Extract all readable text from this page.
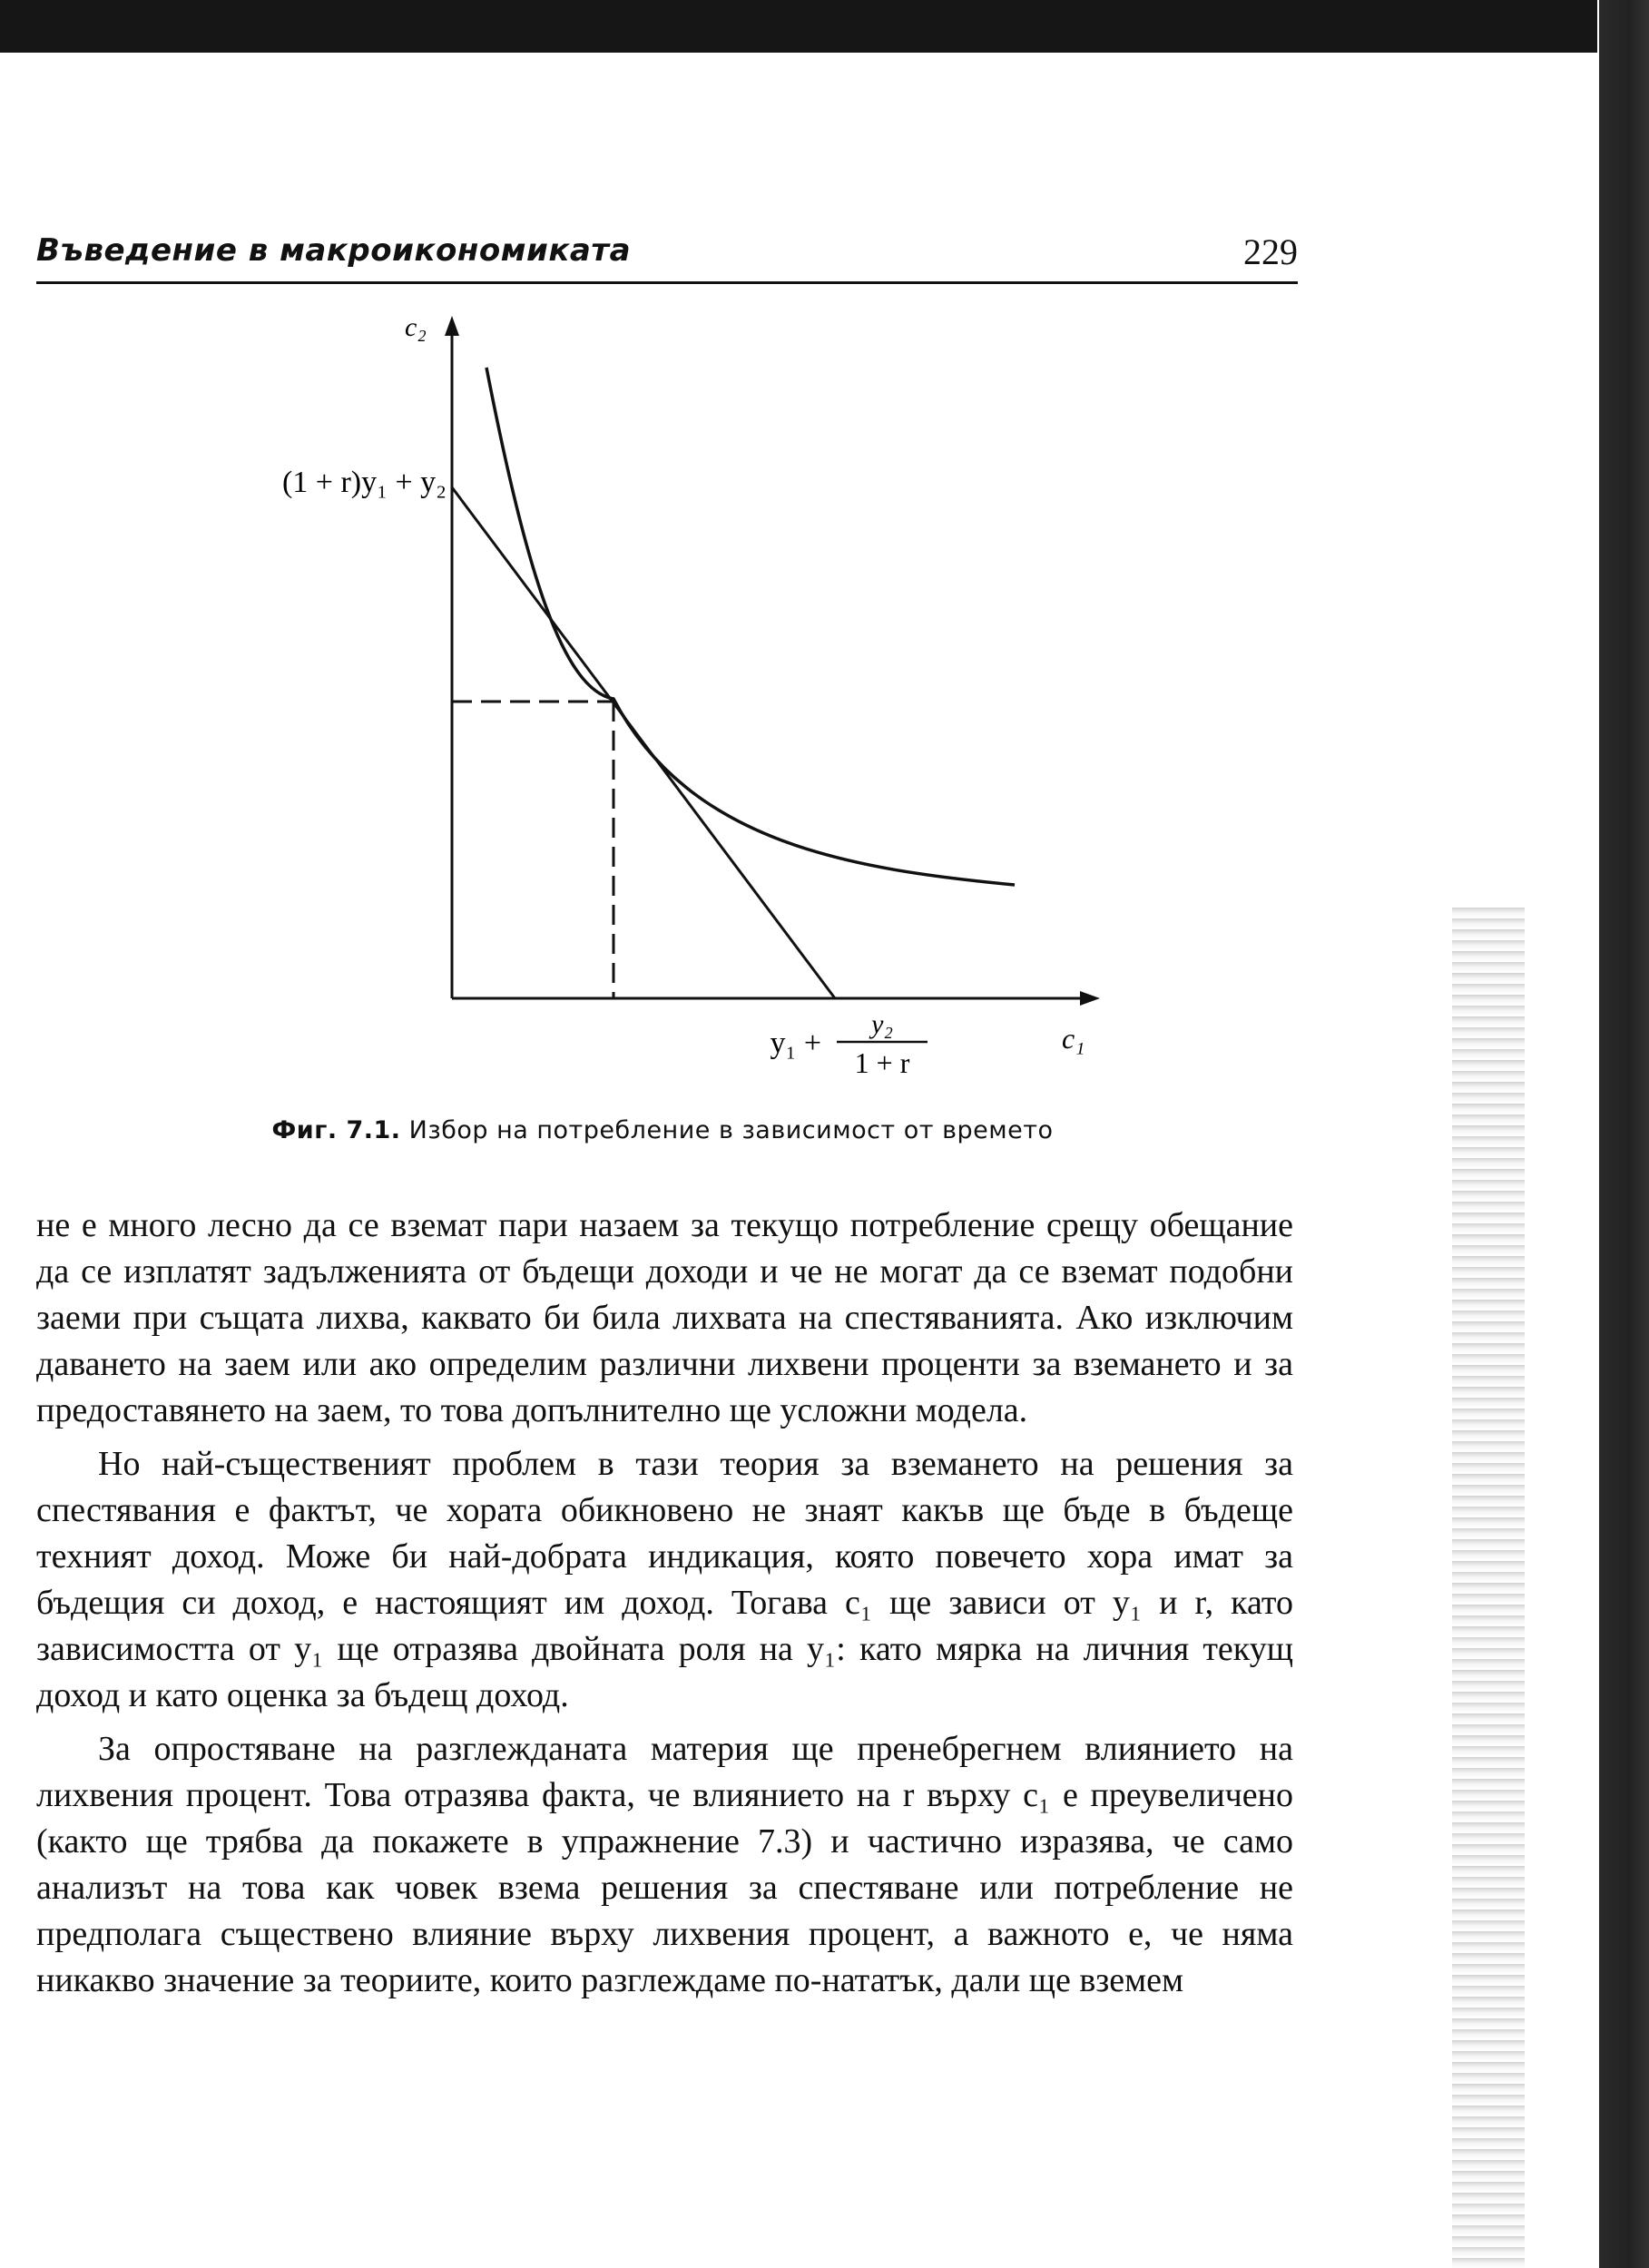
Въведение в макроикономиката	229
c₂
(1 + r)y₁ + y₂
c₁
y₁ +
y₂
1 + r
Фиг. 7.1. Избор на потребление в зависимост от времето

не е много лесно да се вземат пари назаем за текущо потребление срещу обещание да се изплатят задълженията от бъдещи доходи и че не могат да се вземат подобни заеми при същата лихва, каквато би била лихвата на спестяванията. Ако изключим даването на заем или ако определим различни лихвени проценти за вземането и за предоставянето на заем, то това допълнително ще усложни модела.

Но най-същественият проблем в тази теория за вземането на решения за спестявания е фактът, че хората обикновено не знаят какъв ще бъде в бъдеще техният доход. Може би най-добрата индикация, която повечето хора имат за бъдещия си доход, е настоящият им доход. Тогава c₁ ще зависи от y₁ и r, като зависимостта от y₁ ще отразява двойната роля на y₁: като мярка на личния текущ доход и като оценка за бъдещ доход.

За опростяване на разглежданата материя ще пренебрегнем влиянието на лихвения процент. Това отразява факта, че влиянието на r върху c₁ е преувеличено (както ще трябва да покажете в упражнение 7.3) и частично изразява, че само анализът на това как човек взема решения за спестяване или потребление не предполага съществено влияние върху лихвения процент, а важното е, че няма никакво значение за теориите, които разглеждаме по-нататък, дали ще вземем
